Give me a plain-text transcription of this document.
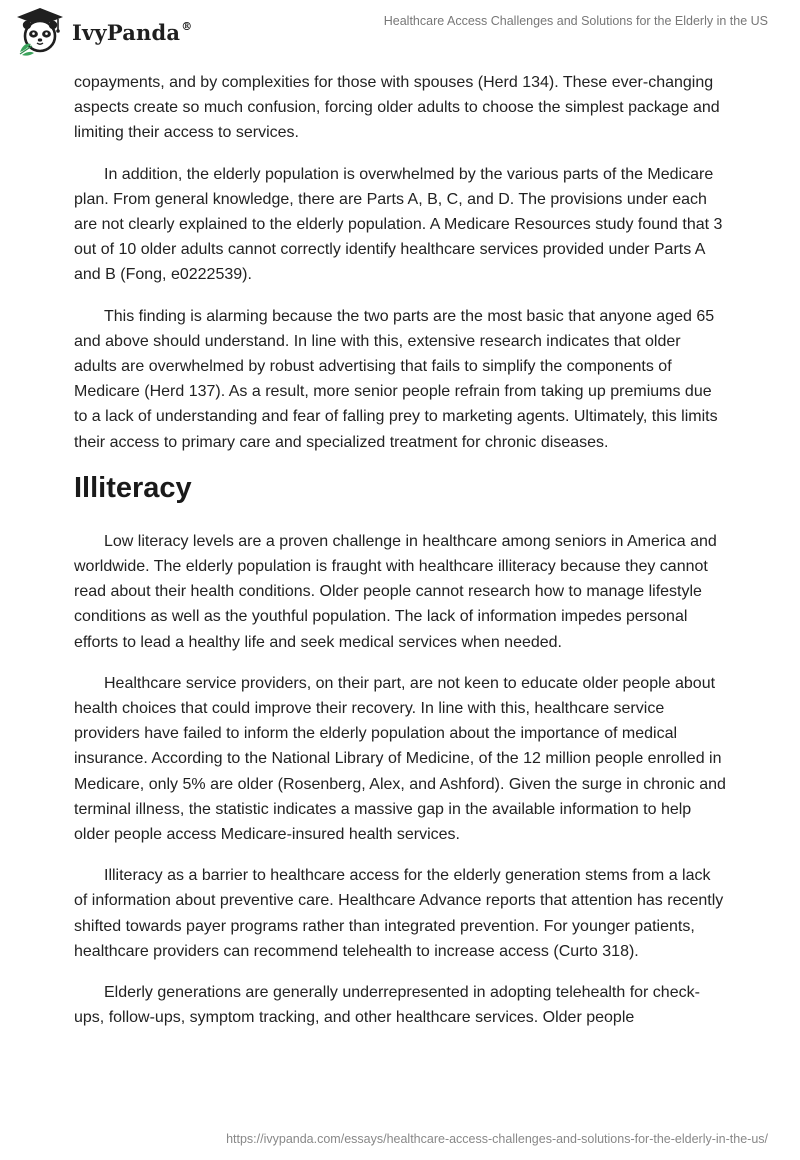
IvyPanda®	Healthcare Access Challenges and Solutions for the Elderly in the US

copayments, and by complexities for those with spouses (Herd 134). These ever-changing aspects create so much confusion, forcing older adults to choose the simplest package and limiting their access to services.

In addition, the elderly population is overwhelmed by the various parts of the Medicare plan. From general knowledge, there are Parts A, B, C, and D. The provisions under each are not clearly explained to the elderly population. A Medicare Resources study found that 3 out of 10 older adults cannot correctly identify healthcare services provided under Parts A and B (Fong, e0222539).

This finding is alarming because the two parts are the most basic that anyone aged 65 and above should understand. In line with this, extensive research indicates that older adults are overwhelmed by robust advertising that fails to simplify the components of Medicare (Herd 137). As a result, more senior people refrain from taking up premiums due to a lack of understanding and fear of falling prey to marketing agents. Ultimately, this limits their access to primary care and specialized treatment for chronic diseases.

Illiteracy

Low literacy levels are a proven challenge in healthcare among seniors in America and worldwide. The elderly population is fraught with healthcare illiteracy because they cannot read about their health conditions. Older people cannot research how to manage lifestyle conditions as well as the youthful population. The lack of information impedes personal efforts to lead a healthy life and seek medical services when needed.

Healthcare service providers, on their part, are not keen to educate older people about health choices that could improve their recovery. In line with this, healthcare service providers have failed to inform the elderly population about the importance of medical insurance. According to the National Library of Medicine, of the 12 million people enrolled in Medicare, only 5% are older (Rosenberg, Alex, and Ashford). Given the surge in chronic and terminal illness, the statistic indicates a massive gap in the available information to help older people access Medicare-insured health services.

Illiteracy as a barrier to healthcare access for the elderly generation stems from a lack of information about preventive care. Healthcare Advance reports that attention has recently shifted towards payer programs rather than integrated prevention. For younger patients, healthcare providers can recommend telehealth to increase access (Curto 318).

Elderly generations are generally underrepresented in adopting telehealth for check-ups, follow-ups, symptom tracking, and other healthcare services. Older people

https://ivypanda.com/essays/healthcare-access-challenges-and-solutions-for-the-elderly-in-the-us/
